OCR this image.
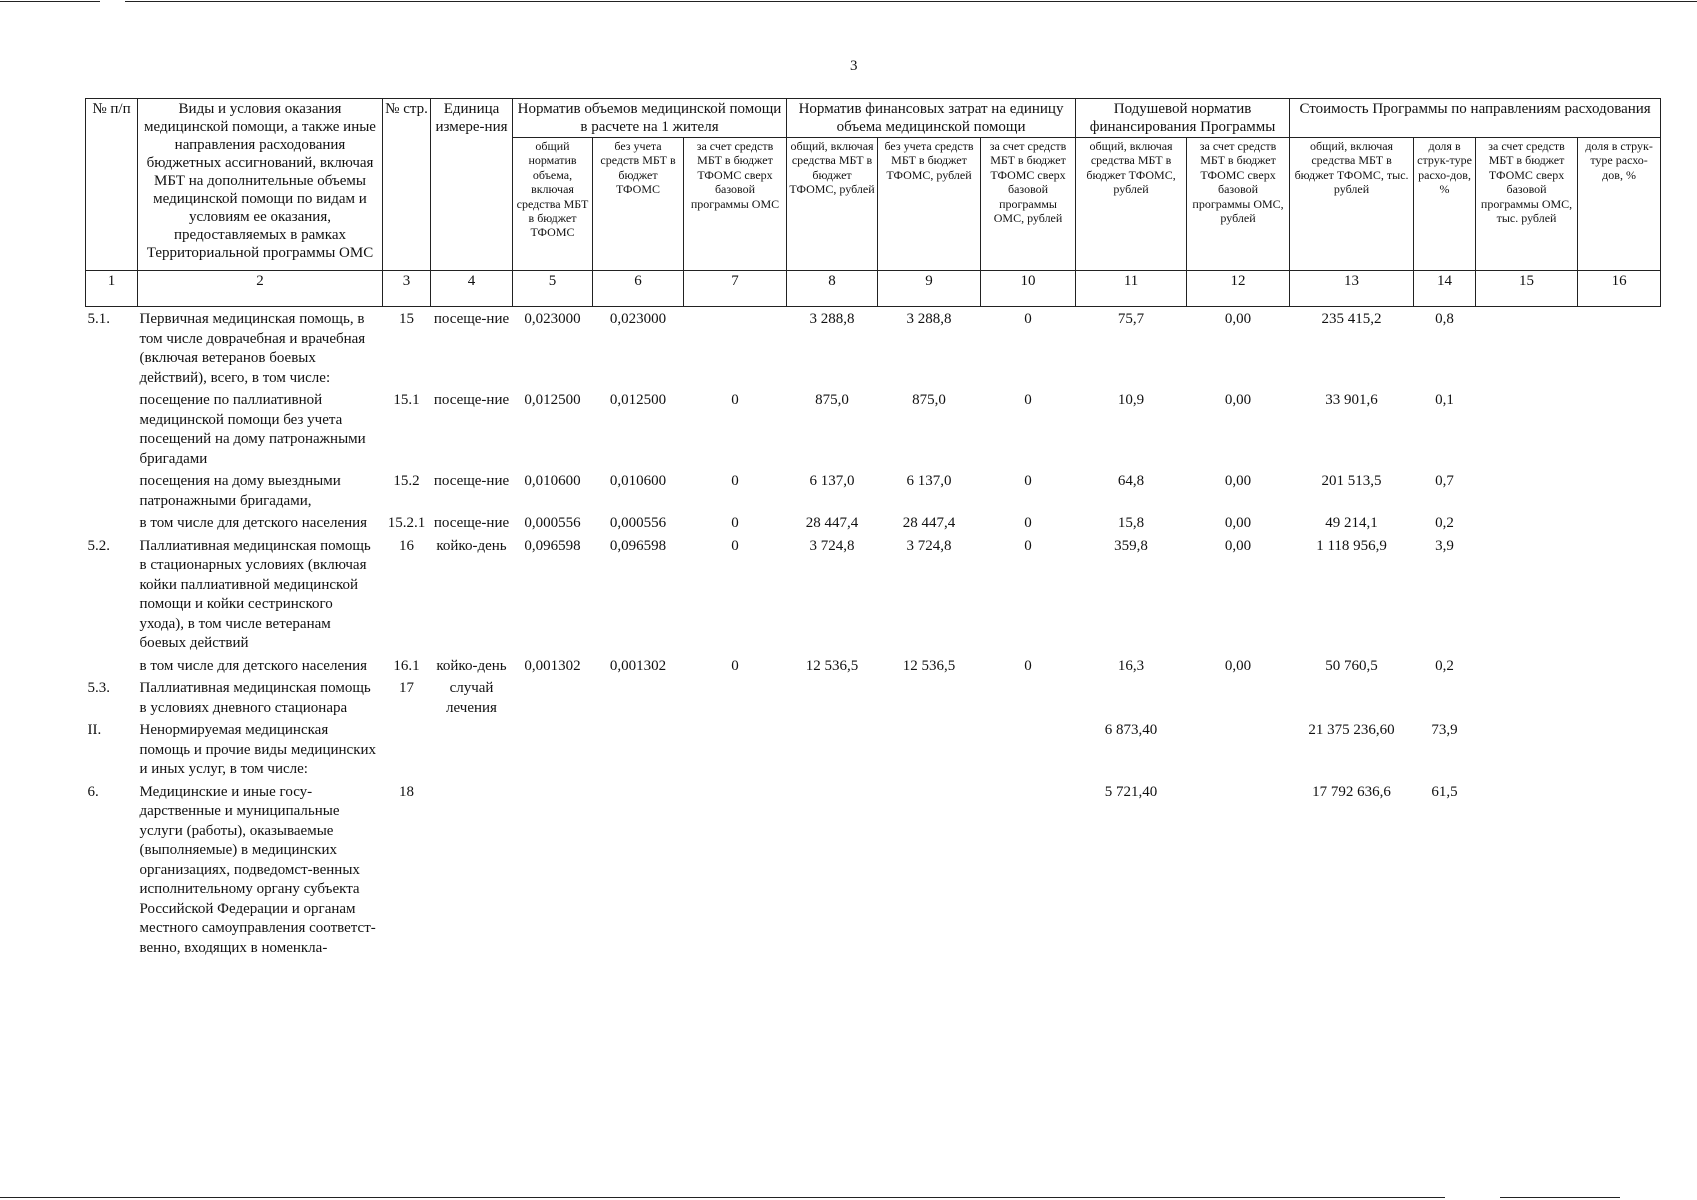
3
№ п/п	Виды и условия оказания медицинской помощи, а также иные направления расходования бюджетных ассигнований, включая МБТ на дополнительные объемы медицинской помощи по видам и условиям ее оказания, предоставляемых в рамках Территориальной программы ОМС	№ стр.	Единица измере-ния	Норматив объемов медицинской помощи в расчете на 1 жителя			Норматив финансовых затрат на единицу объема медицинской помощи			Подушевой норматив финансирования Программы		Стоимость Программы по направлениям расходования			
				общий норматив объема, включая средства МБТ в бюджет ТФОМС	без учета средств МБТ в бюджет ТФОМС	за счет средств МБТ в бюджет ТФОМС сверх базовой программы ОМС	общий, включая средства МБТ в бюджет ТФОМС, рублей	без учета средств МБТ в бюджет ТФОМС, рублей	за счет средств МБТ в бюджет ТФОМС сверх базовой программы ОМС, рублей	общий, включая средства МБТ в бюджет ТФОМС, рублей	за счет средств МБТ в бюджет ТФОМС сверх базовой программы ОМС, рублей	общий, включая средства МБТ в бюджет ТФОМС, тыс. рублей	доля в струк-туре расхо-дов, %	за счет средств МБТ в бюджет ТФОМС сверх базовой программы ОМС, тыс. рублей	доля в струк-туре расхо-дов, %
1	2	3	4	5	6	7	8	9	10	11	12	13	14	15	16
5.1.	Первичная медицинская помощь, в том числе доврачебная и врачебная (включая ветеранов боевых действий), всего, в том числе:	15	посеще-ние	0,023000	0,023000		3 288,8	3 288,8	0	75,7	0,00	235 415,2	0,8		
	посещение по паллиативной медицинской помощи без учета посещений на дому патронажными бригадами	15.1	посеще-ние	0,012500	0,012500	0	875,0	875,0	0	10,9	0,00	33 901,6	0,1		
	посещения на дому выездными патронажными бригадами,	15.2	посеще-ние	0,010600	0,010600	0	6 137,0	6 137,0	0	64,8	0,00	201 513,5	0,7		
	в том числе для детского населения	15.2.1	посеще-ние	0,000556	0,000556	0	28 447,4	28 447,4	0	15,8	0,00	49 214,1	0,2		
5.2.	Паллиативная медицинская помощь в стационарных условиях (включая койки паллиативной медицинской помощи и койки сестринского ухода), в том числе ветеранам боевых действий	16	койко-день	0,096598	0,096598	0	3 724,8	3 724,8	0	359,8	0,00	1 118 956,9	3,9		
	в том числе для детского населения	16.1	койко-день	0,001302	0,001302	0	12 536,5	12 536,5	0	16,3	0,00	50 760,5	0,2		
5.3.	Паллиативная медицинская помощь в условиях дневного стационара	17	случай лечения												
II.	Ненормируемая медицинская помощь и прочие виды медицинских и иных услуг, в том числе:									6 873,40		21 375 236,60	73,9		
6.	Медицинские и иные госу-дарственные и муниципальные услуги (работы), оказываемые (выполняемые) в медицинских организациях, подведомст-венных исполнительному органу субъекта Российской Федерации и органам местного самоуправления соответст-венно, входящих в номенкла-	18								5 721,40		17 792 636,6	61,5		
